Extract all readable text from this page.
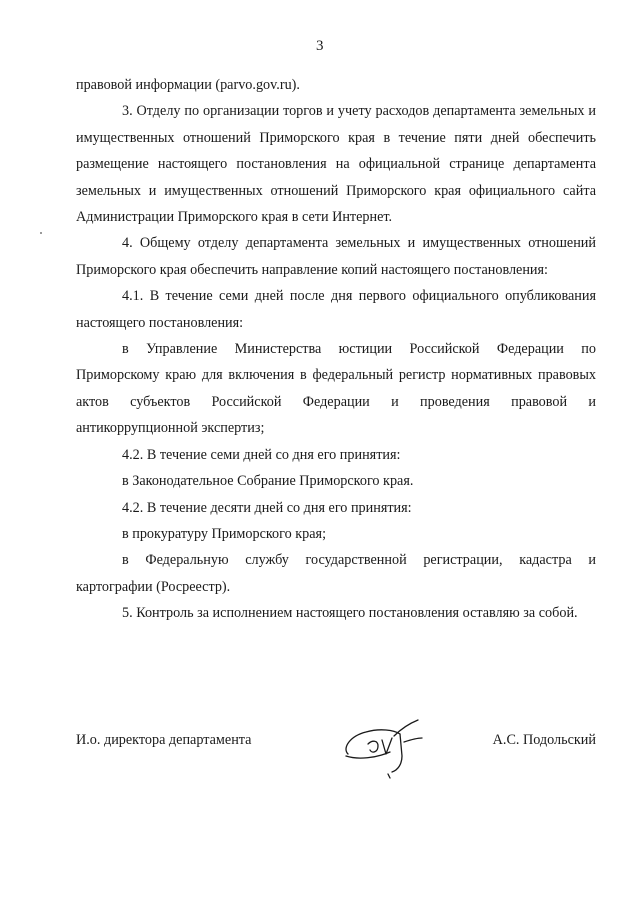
3

правовой информации (parvo.gov.ru).

3. Отделу по организации торгов и учету расходов департамента земельных и имущественных отношений Приморского края в течение пяти дней обеспечить размещение настоящего постановления на официальной странице департамента земельных и имущественных отношений Приморского края официального сайта Администрации Приморского края в сети Интернет.

4. Общему отделу департамента земельных и имущественных отношений Приморского края обеспечить направление копий настоящего постановления:

4.1. В течение семи дней после дня первого официального опубликования настоящего постановления:

в Управление Министерства юстиции Российской Федерации по Приморскому краю для включения в федеральный регистр нормативных правовых актов субъектов Российской Федерации и проведения правовой и антикоррупционной экспертиз;

4.2. В течение семи дней со дня его принятия:

в Законодательное Собрание Приморского края.

4.2. В течение десяти дней со дня его принятия:

в прокуратуру Приморского края;

в Федеральную службу государственной регистрации, кадастра и картографии (Росреестр).

5. Контроль за исполнением настоящего постановления оставляю за собой.

И.о. директора департамента	А.С. Подольский
